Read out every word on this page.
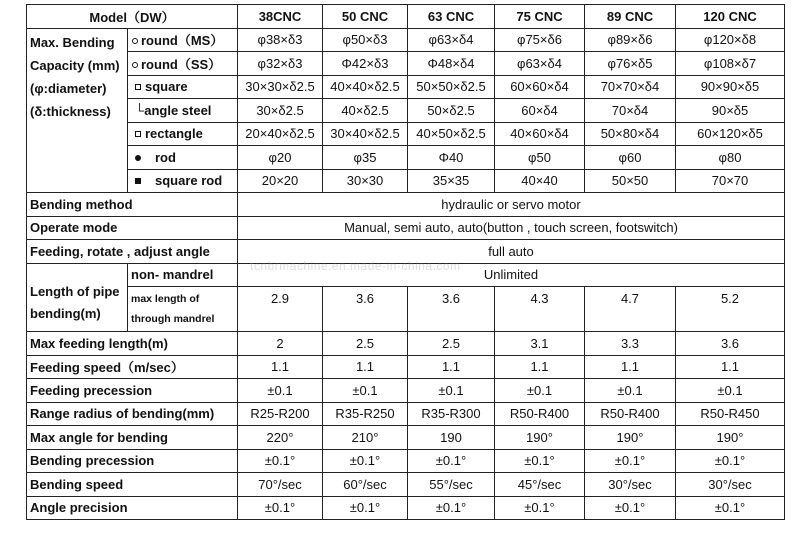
Model（DW）		38CNC	50 CNC	63 CNC	75 CNC	89 CNC	120 CNC

Max. Bending
Capacity (mm)
(φ:diameter)
(δ:thickness)	round（MS）	φ38×δ3	φ50×δ3	φ63×δ4	φ75×δ6	φ89×δ6	φ120×δ8
	round（SS）	φ32×δ3	Φ42×δ3	Φ48×δ4	φ63×δ4	φ76×δ5	φ108×δ7
	square	30×30×δ2.5	40×40×δ2.5	50×50×δ2.5	60×60×δ4	70×70×δ4	90×90×δ5
	└angle steel	30×δ2.5	40×δ2.5	50×δ2.5	60×δ4	70×δ4	90×δ5
	rectangle	20×40×δ2.5	30×40×δ2.5	40×50×δ2.5	40×60×δ4	50×80×δ4	60×120×δ5
	rod	φ20	φ35	Φ40	φ50	φ60	φ80
	square rod	20×20	30×30	35×35	40×40	50×50	70×70
Bending method		hydraulic or servo motor					
Operate mode		Manual, semi auto, auto(button , touch screen, footswitch)					
Feeding, rotate , adjust angle		full auto					

Length of pipe
bending(m)	non- mandrel	Unlimited					

	max length of
through mandrel	2.9	3.6	3.6	4.3	4.7	5.2
Max feeding length(m)		2	2.5	2.5	3.1	3.3	3.6
Feeding speed（m/sec）		1.1	1.1	1.1	1.1	1.1	1.1
Feeding precession		±0.1	±0.1	±0.1	±0.1	±0.1	±0.1
Range radius of bending(mm)		R25-R200	R35-R250	R35-R300	R50-R400	R50-R400	R50-R450
Max angle for bending		220°	210°	190	190°	190°	190°
Bending precession		±0.1°	±0.1°	±0.1°	±0.1°	±0.1°	±0.1°
Bending speed		70°/sec	60°/sec	55°/sec	45°/sec	30°/sec	30°/sec
Angle precision		±0.1°	±0.1°	±0.1°	±0.1°	±0.1°	±0.1°
tcnbrmachine.en.made-in-china.com
